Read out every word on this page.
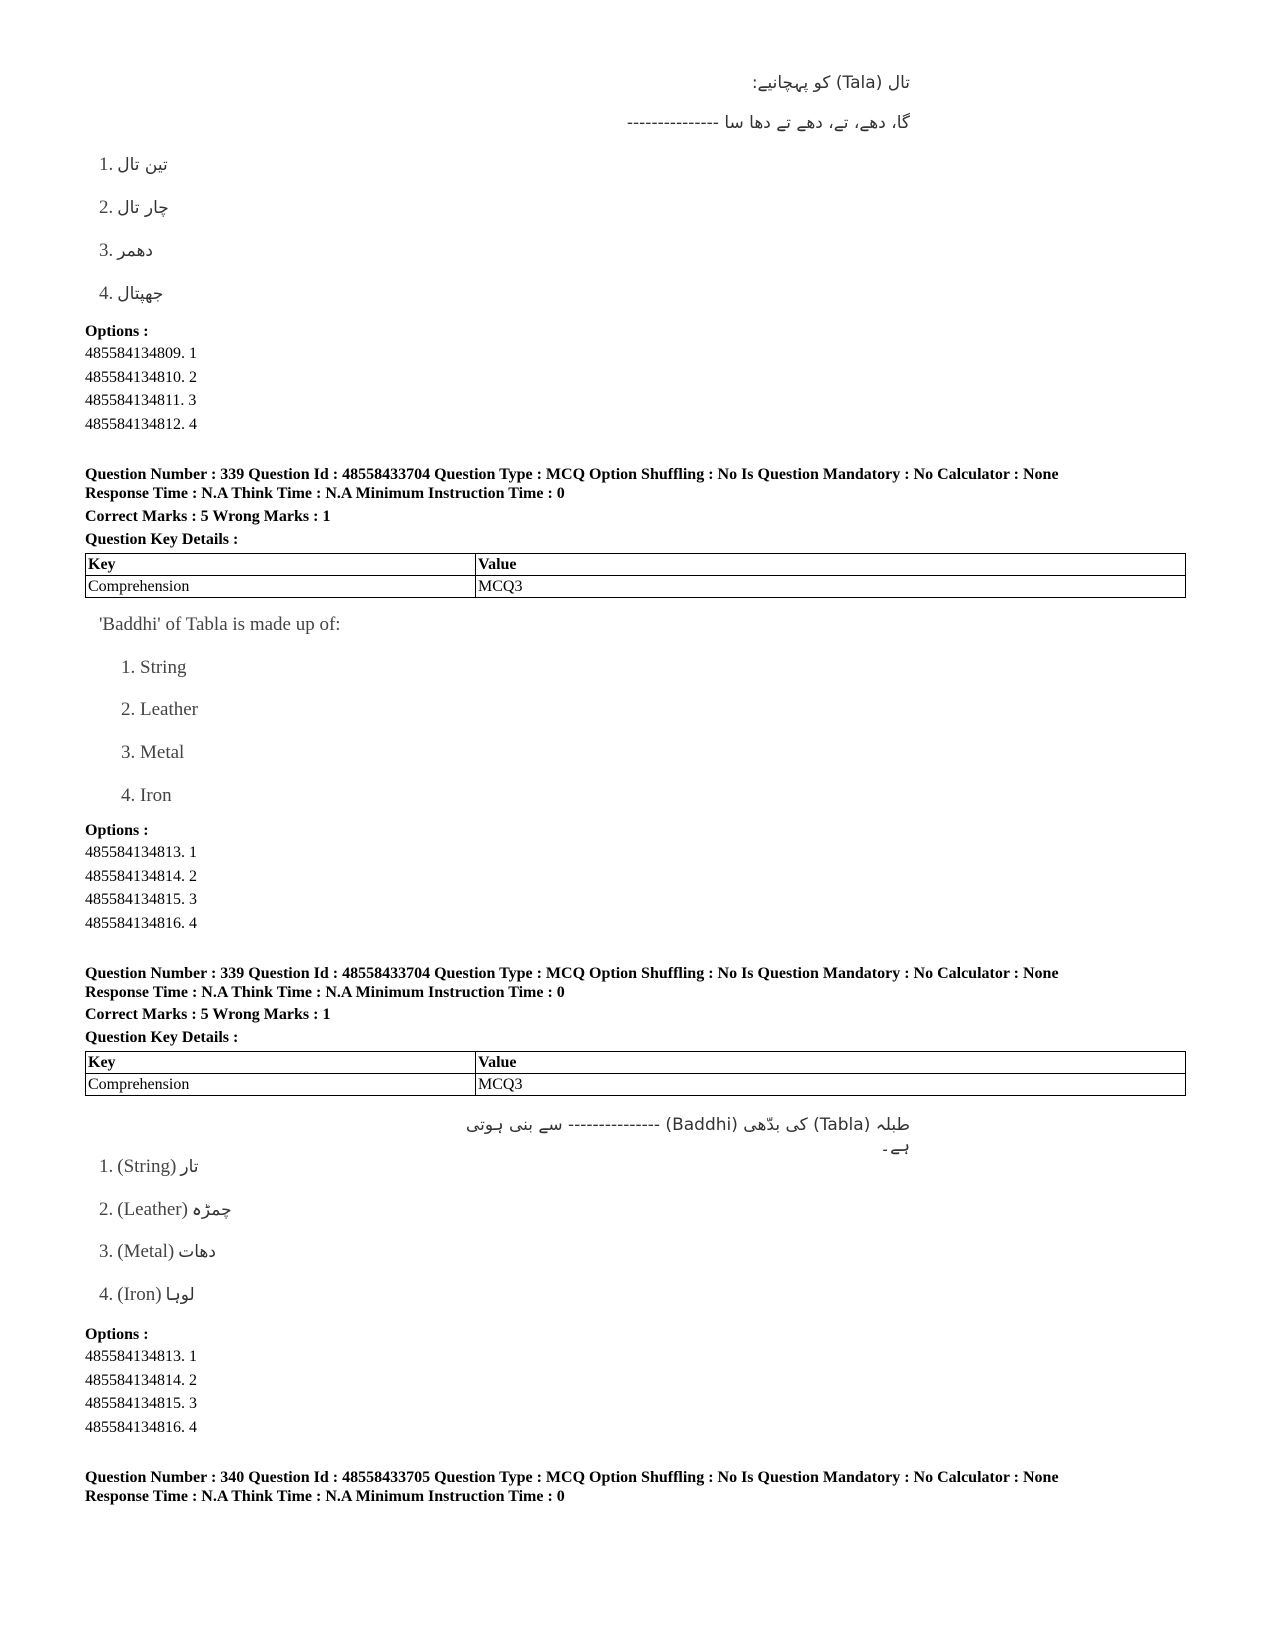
تال (Tala) کو پہچانیے:
گا، دھے، تے، دھے تے دھا سا ---------------
1. تین تال
2. چار تال
3. دھمر
4. جھپتال
Options :
485584134809. 1
485584134810. 2
485584134811. 3
485584134812. 4
Question Number : 339 Question Id : 48558433704 Question Type : MCQ Option Shuffling : No Is Question Mandatory : No Calculator : None
Response Time : N.A Think Time : N.A Minimum Instruction Time : 0
Correct Marks : 5 Wrong Marks : 1
Question Key Details :
Key	Value
Comprehension	MCQ3
'Baddhi' of Tabla is made up of:
1. String
2. Leather
3. Metal
4. Iron
Options :
485584134813. 1
485584134814. 2
485584134815. 3
485584134816. 4
Question Number : 339 Question Id : 48558433704 Question Type : MCQ Option Shuffling : No Is Question Mandatory : No Calculator : None
Response Time : N.A Think Time : N.A Minimum Instruction Time : 0
Correct Marks : 5 Wrong Marks : 1
Question Key Details :
Key	Value
Comprehension	MCQ3
طبلہ (Tabla) کی بدّھی (Baddhi) --------------- سے بنی ہوتی ہے۔
1. (String) تار
2. (Leather) چمڑہ
3. (Metal) دھات
4. (Iron) لوہا
Options :
485584134813. 1
485584134814. 2
485584134815. 3
485584134816. 4
Question Number : 340 Question Id : 48558433705 Question Type : MCQ Option Shuffling : No Is Question Mandatory : No Calculator : None
Response Time : N.A Think Time : N.A Minimum Instruction Time : 0
